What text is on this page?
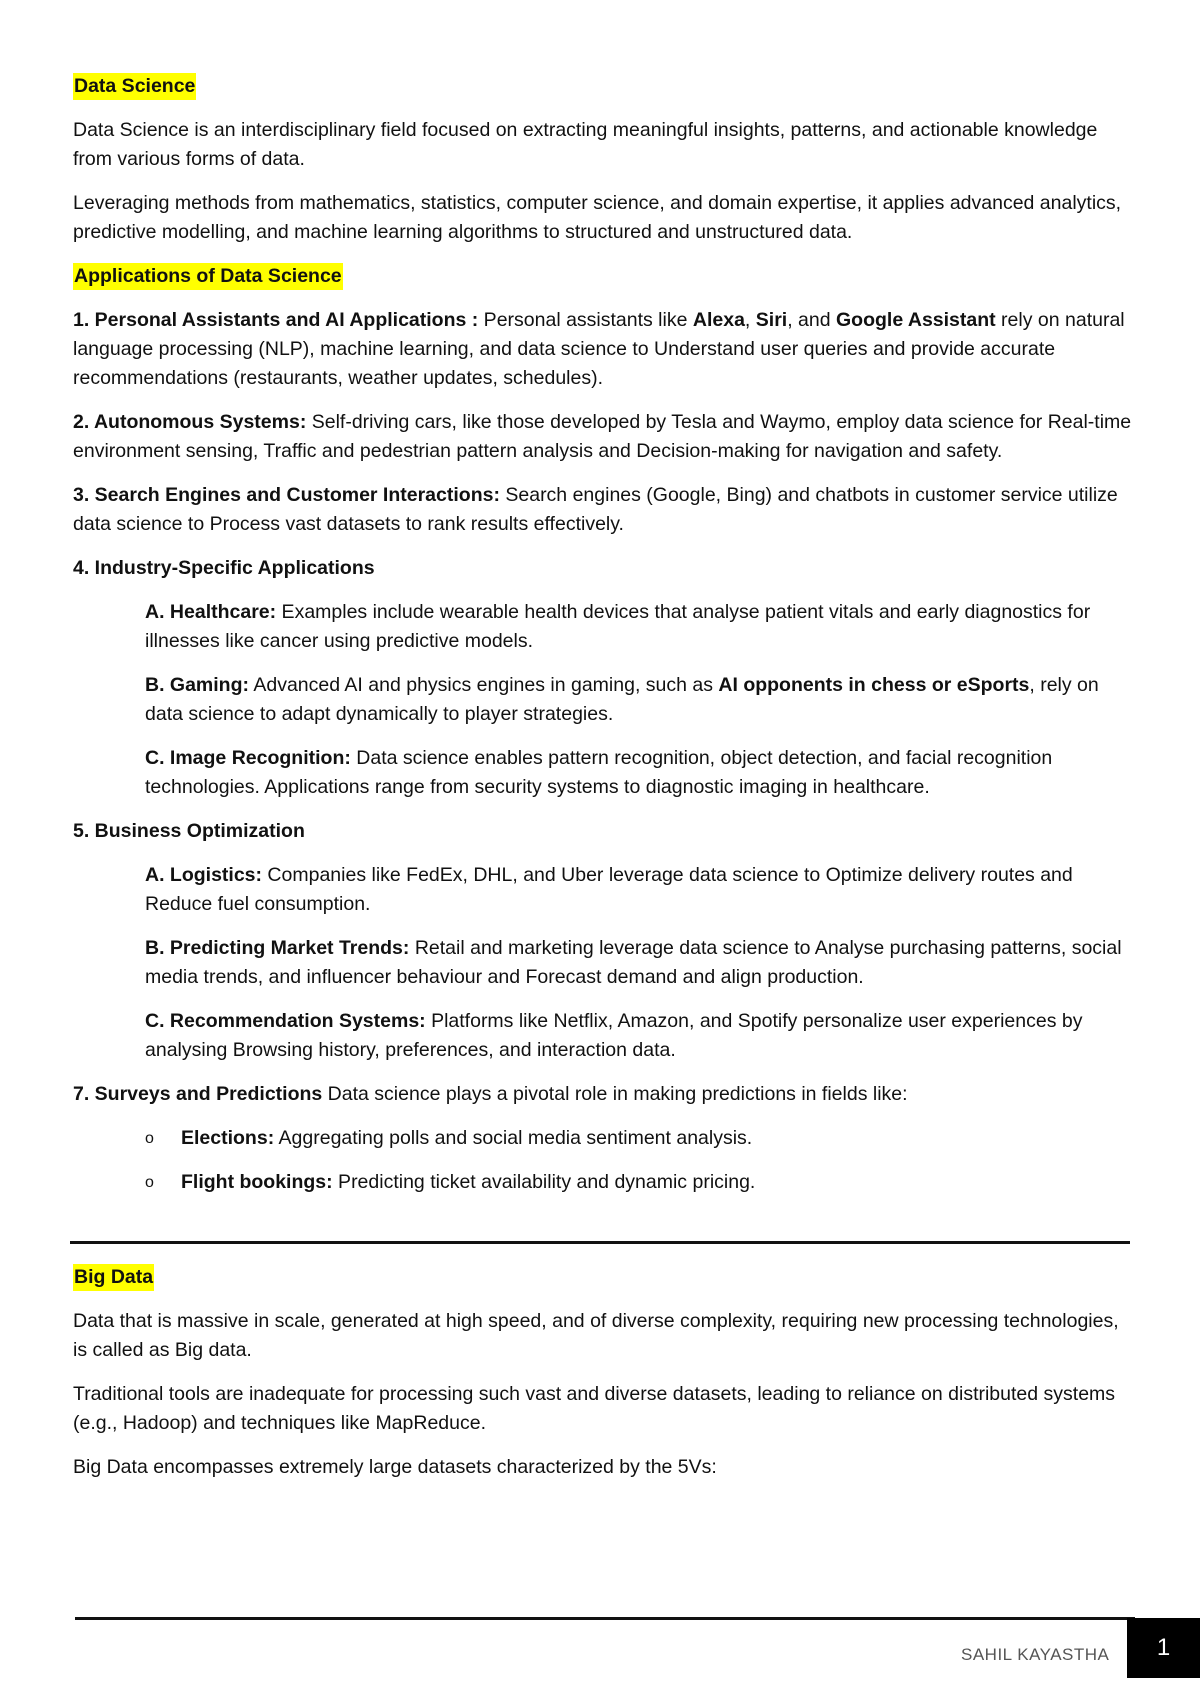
Data Science

Data Science is an interdisciplinary field focused on extracting meaningful insights, patterns, and actionable knowledge from various forms of data.

Leveraging methods from mathematics, statistics, computer science, and domain expertise, it applies advanced analytics, predictive modelling, and machine learning algorithms to structured and unstructured data.

Applications of Data Science

1. Personal Assistants and AI Applications : Personal assistants like Alexa, Siri, and Google Assistant rely on natural language processing (NLP), machine learning, and data science to Understand user queries and provide accurate recommendations (restaurants, weather updates, schedules).

2. Autonomous Systems: Self-driving cars, like those developed by Tesla and Waymo, employ data science for Real-time environment sensing, Traffic and pedestrian pattern analysis and Decision-making for navigation and safety.

3. Search Engines and Customer Interactions: Search engines (Google, Bing) and chatbots in customer service utilize data science to Process vast datasets to rank results effectively.

4. Industry-Specific Applications

A. Healthcare: Examples include wearable health devices that analyse patient vitals and early diagnostics for illnesses like cancer using predictive models.

B. Gaming: Advanced AI and physics engines in gaming, such as AI opponents in chess or eSports, rely on data science to adapt dynamically to player strategies.

C. Image Recognition: Data science enables pattern recognition, object detection, and facial recognition technologies. Applications range from security systems to diagnostic imaging in healthcare.

5. Business Optimization

A. Logistics: Companies like FedEx, DHL, and Uber leverage data science to Optimize delivery routes and Reduce fuel consumption.

B. Predicting Market Trends: Retail and marketing leverage data science to Analyse purchasing patterns, social media trends, and influencer behaviour and Forecast demand and align production.

C. Recommendation Systems: Platforms like Netflix, Amazon, and Spotify personalize user experiences by analysing Browsing history, preferences, and interaction data.

7. Surveys and Predictions Data science plays a pivotal role in making predictions in fields like:

o Elections: Aggregating polls and social media sentiment analysis.

o Flight bookings: Predicting ticket availability and dynamic pricing.

Big Data

Data that is massive in scale, generated at high speed, and of diverse complexity, requiring new processing technologies, is called as Big data.

Traditional tools are inadequate for processing such vast and diverse datasets, leading to reliance on distributed systems (e.g., Hadoop) and techniques like MapReduce.

Big Data encompasses extremely large datasets characterized by the 5Vs:

SAHIL KAYASTHA	1
